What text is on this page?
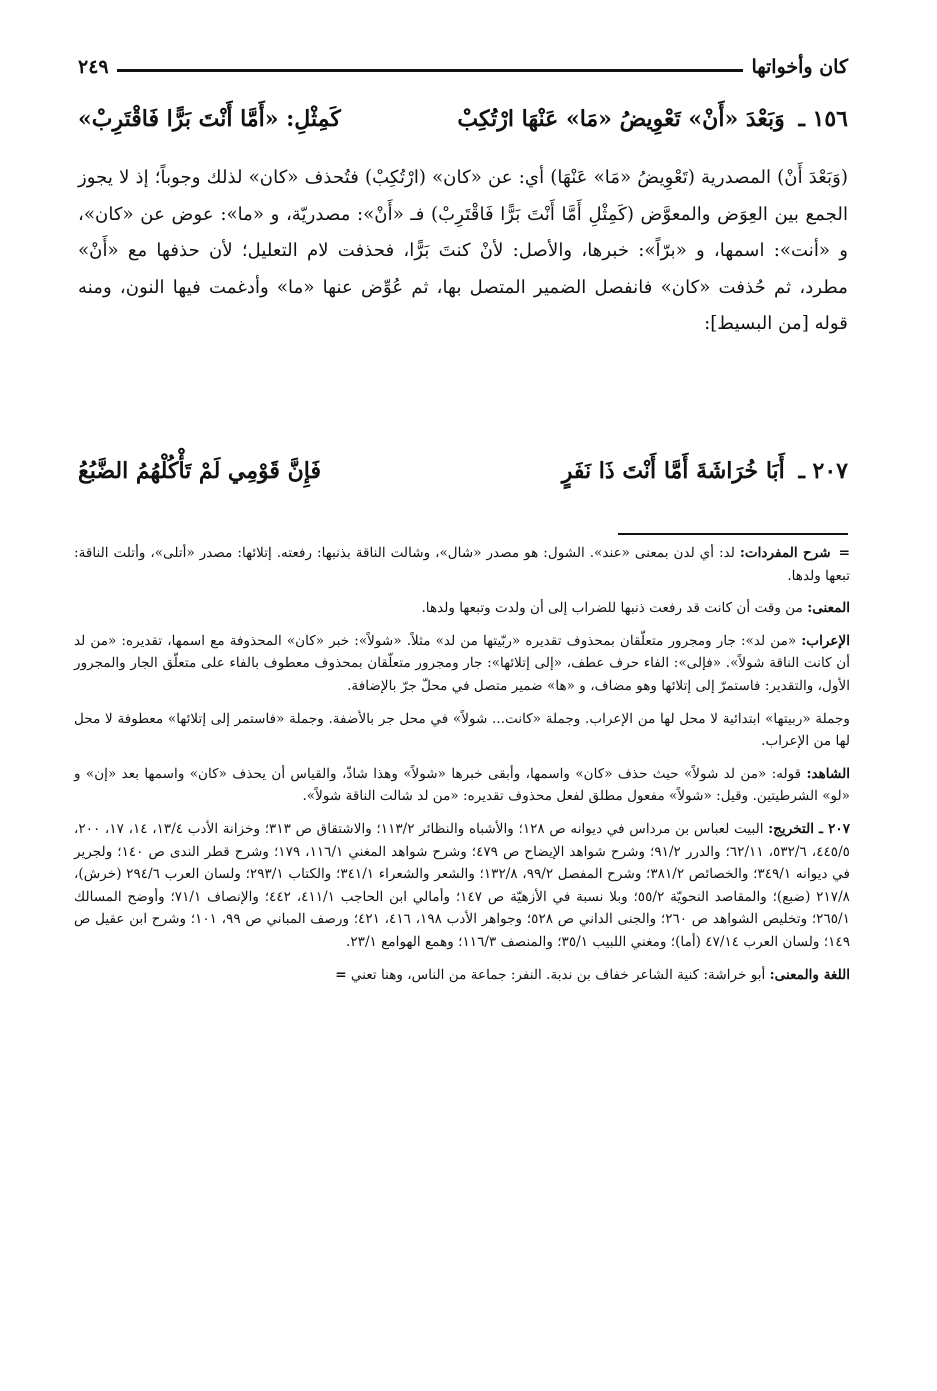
كان وأخواتها
٢٤٩
١٥٦ ـ وَبَعْدَ «أَنْ» تَعْوِيضُ «مَا» عَنْهَا ارْتُكِبْ
كَمِثْلِ: «أَمَّا أَنْتَ بَرًّا فَاقْتَرِبْ»

(وَبَعْدَ أَنْ) المصدرية (تَعْوِيضُ «مَا» عَنْهَا) أي: عن «كان» (ارْتُكِبْ) فتُحذف «كان» لذلك وجوباً؛ إذ لا يجوز الجمع بين العِوَض والمعوَّض (كَمِثْلِ أَمَّا أَنْتَ بَرًّا فَاقْتَرِبْ) فـ «أَنْ»: مصدريّة، و «ما»: عوض عن «كان»، و «أنت»: اسمها، و «برّاً»: خبرها، والأصل: لأنْ كنتَ بَرًّا، فحذفت لام التعليل؛ لأن حذفها مع «أَنْ» مطرد، ثم حُذفت «كان» فانفصل الضمير المتصل بها، ثم عُوِّض عنها «ما» وأدغمت فيها النون، ومنه قوله [من البسيط]:

٢٠٧ ـ أَبَا خُرَاشَةَ أَمَّا أَنْتَ ذَا نَفَرٍ
فَإِنَّ قَوْمِي لَمْ تَأْكُلْهُمُ الضَّبُعُ

=شرح المفردات: لد: أي لدن بمعنى «عند». الشول: هو مصدر «شال»، وشالت الناقة بذنبها: رفعته. إتلائها: مصدر «أتلى»، وأتلت الناقة: تبعها ولدها.

المعنى: من وقت أن كانت قد رفعت ذنبها للضراب إلى أن ولدت وتبعها ولدها.

الإعراب: «من لد»: جار ومجرور متعلّقان بمحذوف تقديره «ربّيتها من لد» مثلاً. «شولاً»: خبر «كان» المحذوفة مع اسمها، تقديره: «من لد أن كانت الناقة شولاً». «فإلى»: الفاء حرف عطف، «إلى إتلائها»: جار ومجرور متعلّقان بمحذوف معطوف بالفاء على متعلّق الجار والمجرور الأول، والتقدير: فاستمرّ إلى إتلائها وهو مضاف، و «ها» ضمير متصل في محلّ جرّ بالإضافة.

وجملة «ربيتها» ابتدائية لا محل لها من الإعراب. وجملة «كانت... شولاً» في محل جر بالأضفة. وجملة «فاستمر إلى إتلائها» معطوفة لا محل لها من الإعراب.

الشاهد: قوله: «من لد شولاً» حيث حذف «كان» واسمها، وأبقى خبرها «شولاً» وهذا شاذّ، والقياس أن يحذف «كان» واسمها بعد «إن» و «لو» الشرطيتين. وقيل: «شولاً» مفعول مطلق لفعل محذوف تقديره: «من لد شالت الناقة شولاً».

٢٠٧ ـ التخريج: البيت لعباس بن مرداس في ديوانه ص ١٢٨؛ والأشباه والنظائر ١١٣/٢؛ والاشتقاق ص ٣١٣؛ وخزانة الأدب ١٣/٤، ١٤، ١٧، ٢٠٠، ٤٤٥/٥، ٥٣٢/٦، ٦٢/١١؛ والدرر ٩١/٢؛ وشرح شواهد الإيضاح ص ٤٧٩؛ وشرح شواهد المغني ١١٦/١، ١٧٩؛ وشرح قطر الندى ص ١٤٠؛ ولجرير في ديوانه ٣٤٩/١؛ والخصائص ٣٨١/٢؛ وشرح المفصل ٩٩/٢، ١٣٢/٨؛ والشعر والشعراء ٣٤١/١؛ والكتاب ٢٩٣/١؛ ولسان العرب ٢٩٤/٦ (خرش)، ٢١٧/٨ (ضبع)؛ والمقاصد النحويّة ٥٥/٢؛ وبلا نسبة في الأزهيّة ص ١٤٧؛ وأمالي ابن الحاجب ٤١١/١، ٤٤٢؛ والإنصاف ٧١/١؛ وأوضح المسالك ٢٦٥/١؛ وتخليص الشواهد ص ٢٦٠؛ والجنى الداني ص ٥٢٨؛ وجواهر الأدب ١٩٨، ٤١٦، ٤٢١؛ ورصف المباني ص ٩٩، ١٠١؛ وشرح ابن عقيل ص ١٤٩؛ ولسان العرب ٤٧/١٤ (أما)؛ ومغني اللبيب ٣٥/١؛ والمنصف ١١٦/٣؛ وهمع الهوامع ٢٣/١.

اللغة والمعنى: أبو خراشة: كنية الشاعر خفاف بن ندبة. النفر: جماعة من الناس، وهنا تعني =
